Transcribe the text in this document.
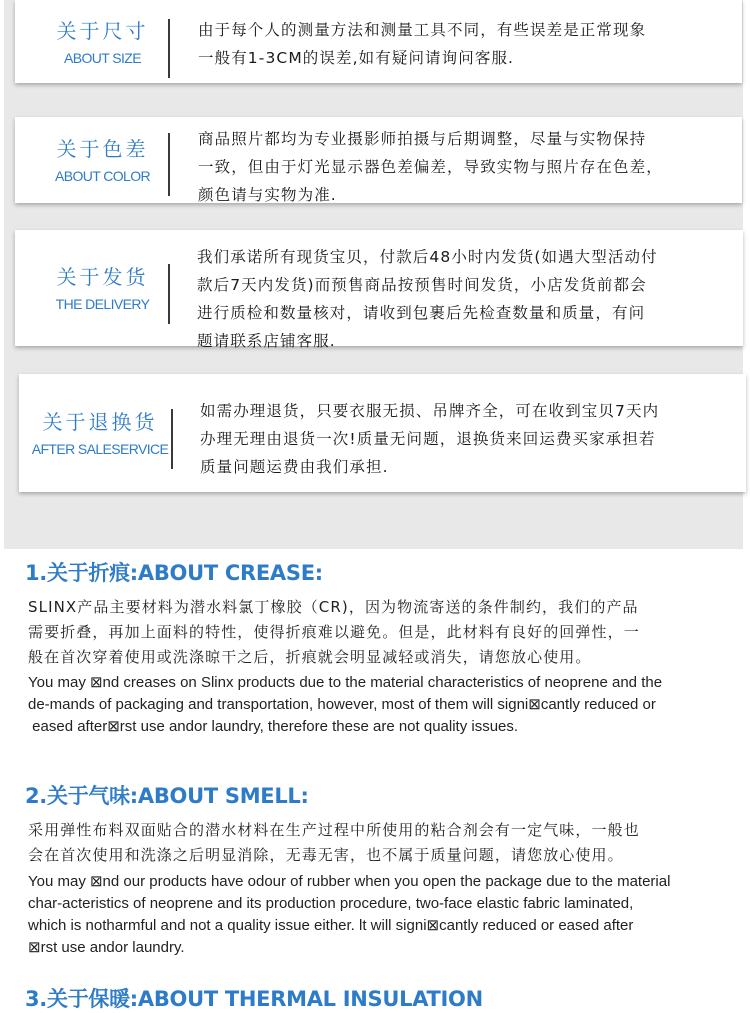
关于尺寸
ABOUT SIZE
由于每个人的测量方法和测量工具不同，有些误差是正常现象
一般有1-3CM的误差,如有疑问请询问客服.
关于色差
ABOUT COLOR
商品照片都均为专业摄影师拍摄与后期调整，尽量与实物保持
一致，但由于灯光显示器色差偏差，导致实物与照片存在色差，
颜色请与实物为准.
关于发货
THE DELIVERY
我们承诺所有现货宝贝，付款后48小时内发货(如遇大型活动付
款后7天内发货)而预售商品按预售时间发货，小店发货前都会
进行质检和数量核对，请收到包裹后先检查数量和质量，有问
题请联系店铺客服.
关于退换货
AFTER SALESERVICE
如需办理退货，只要衣服无损、吊牌齐全，可在收到宝贝7天内
办理无理由退货一次!质量无问题，退换货来回运费买家承担若
质量问题运费由我们承担.
1.关于折痕:ABOUT CREASE:
SLINX产品主要材料为潜水料氯丁橡胶（CR)，因为物流寄送的条件制约，我们的产品
需要折叠，再加上面料的特性，使得折痕难以避免。但是，此材料有良好的回弹性，一
般在首次穿着使用或洗涤晾干之后，折痕就会明显减轻或消失，请您放心使用。
You may ⊠nd creases on Slinx products due to the material characteristics of neoprene and the
de-mands of packaging and transportation, however, most of them will signi⊠cantly reduced or
eased after⊠rst use andor laundry, therefore these are not quality issues.
2.关于气味:ABOUT SMELL:
采用弹性布料双面贴合的潜水材料在生产过程中所使用的粘合剂会有一定气味，一般也
会在首次使用和洗涤之后明显消除，无毒无害，也不属于质量问题，请您放心使用。
You may ⊠nd our products have odour of rubber when you open the package due to the material
char-acteristics of neoprene and its production procedure, two-face elastic fabric laminated,
which is notharmful and not a quality issue either. lt will signi⊠cantly reduced or eased after
⊠rst use andor laundry.
3.关于保暖:ABOUT THERMAL INSULATION
